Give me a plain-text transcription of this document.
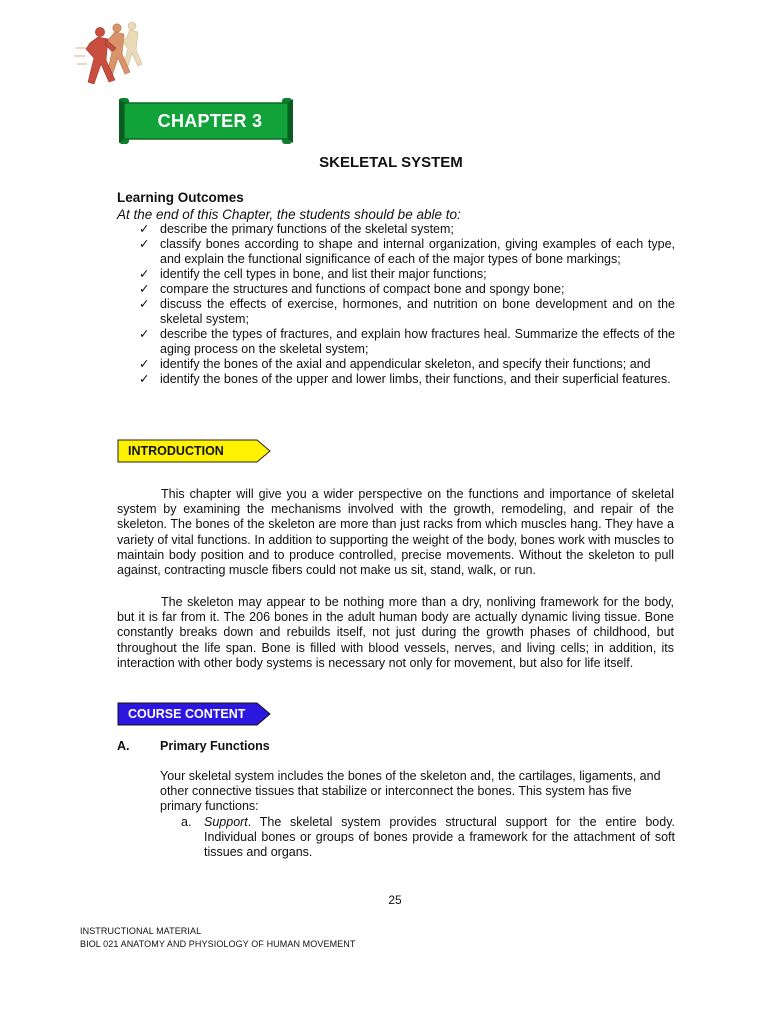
CHAPTER 3
SKELETAL SYSTEM
Learning Outcomes
At the end of this Chapter, the students should be able to:
✓ describe the primary functions of the skeletal system;
✓ classify bones according to shape and internal organization, giving examples of each type, and explain the functional significance of each of the major types of bone markings;
✓ identify the cell types in bone, and list their major functions;
✓ compare the structures and functions of compact bone and spongy bone;
✓ discuss the effects of exercise, hormones, and nutrition on bone development and on the skeletal system;
✓ describe the types of fractures, and explain how fractures heal. Summarize the effects of the aging process on the skeletal system;
✓ identify the bones of the axial and appendicular skeleton, and specify their functions; and
✓ identify the bones of the upper and lower limbs, their functions, and their superficial features.
INTRODUCTION

This chapter will give you a wider perspective on the functions and importance of skeletal system by examining the mechanisms involved with the growth, remodeling, and repair of the skeleton. The bones of the skeleton are more than just racks from which muscles hang. They have a variety of vital functions. In addition to supporting the weight of the body, bones work with muscles to maintain body position and to produce controlled, precise movements. Without the skeleton to pull against, contracting muscle fibers could not make us sit, stand, walk, or run.

The skeleton may appear to be nothing more than a dry, nonliving framework for the body, but it is far from it. The 206 bones in the adult human body are actually dynamic living tissue. Bone constantly breaks down and rebuilds itself, not just during the growth phases of childhood, but throughout the life span. Bone is filled with blood vessels, nerves, and living cells; in addition, its interaction with other body systems is necessary not only for movement, but also for life itself.

COURSE CONTENT
A. Primary Functions

Your skeletal system includes the bones of the skeleton and, the cartilages, ligaments, and other connective tissues that stabilize or interconnect the bones. This system has five primary functions:

a.	Support. The skeletal system provides structural support for the entire body. Individual bones or groups of bones provide a framework for the attachment of soft tissues and organs.
25
INSTRUCTIONAL MATERIAL
BIOL 021 ANATOMY AND PHYSIOLOGY OF HUMAN MOVEMENT
